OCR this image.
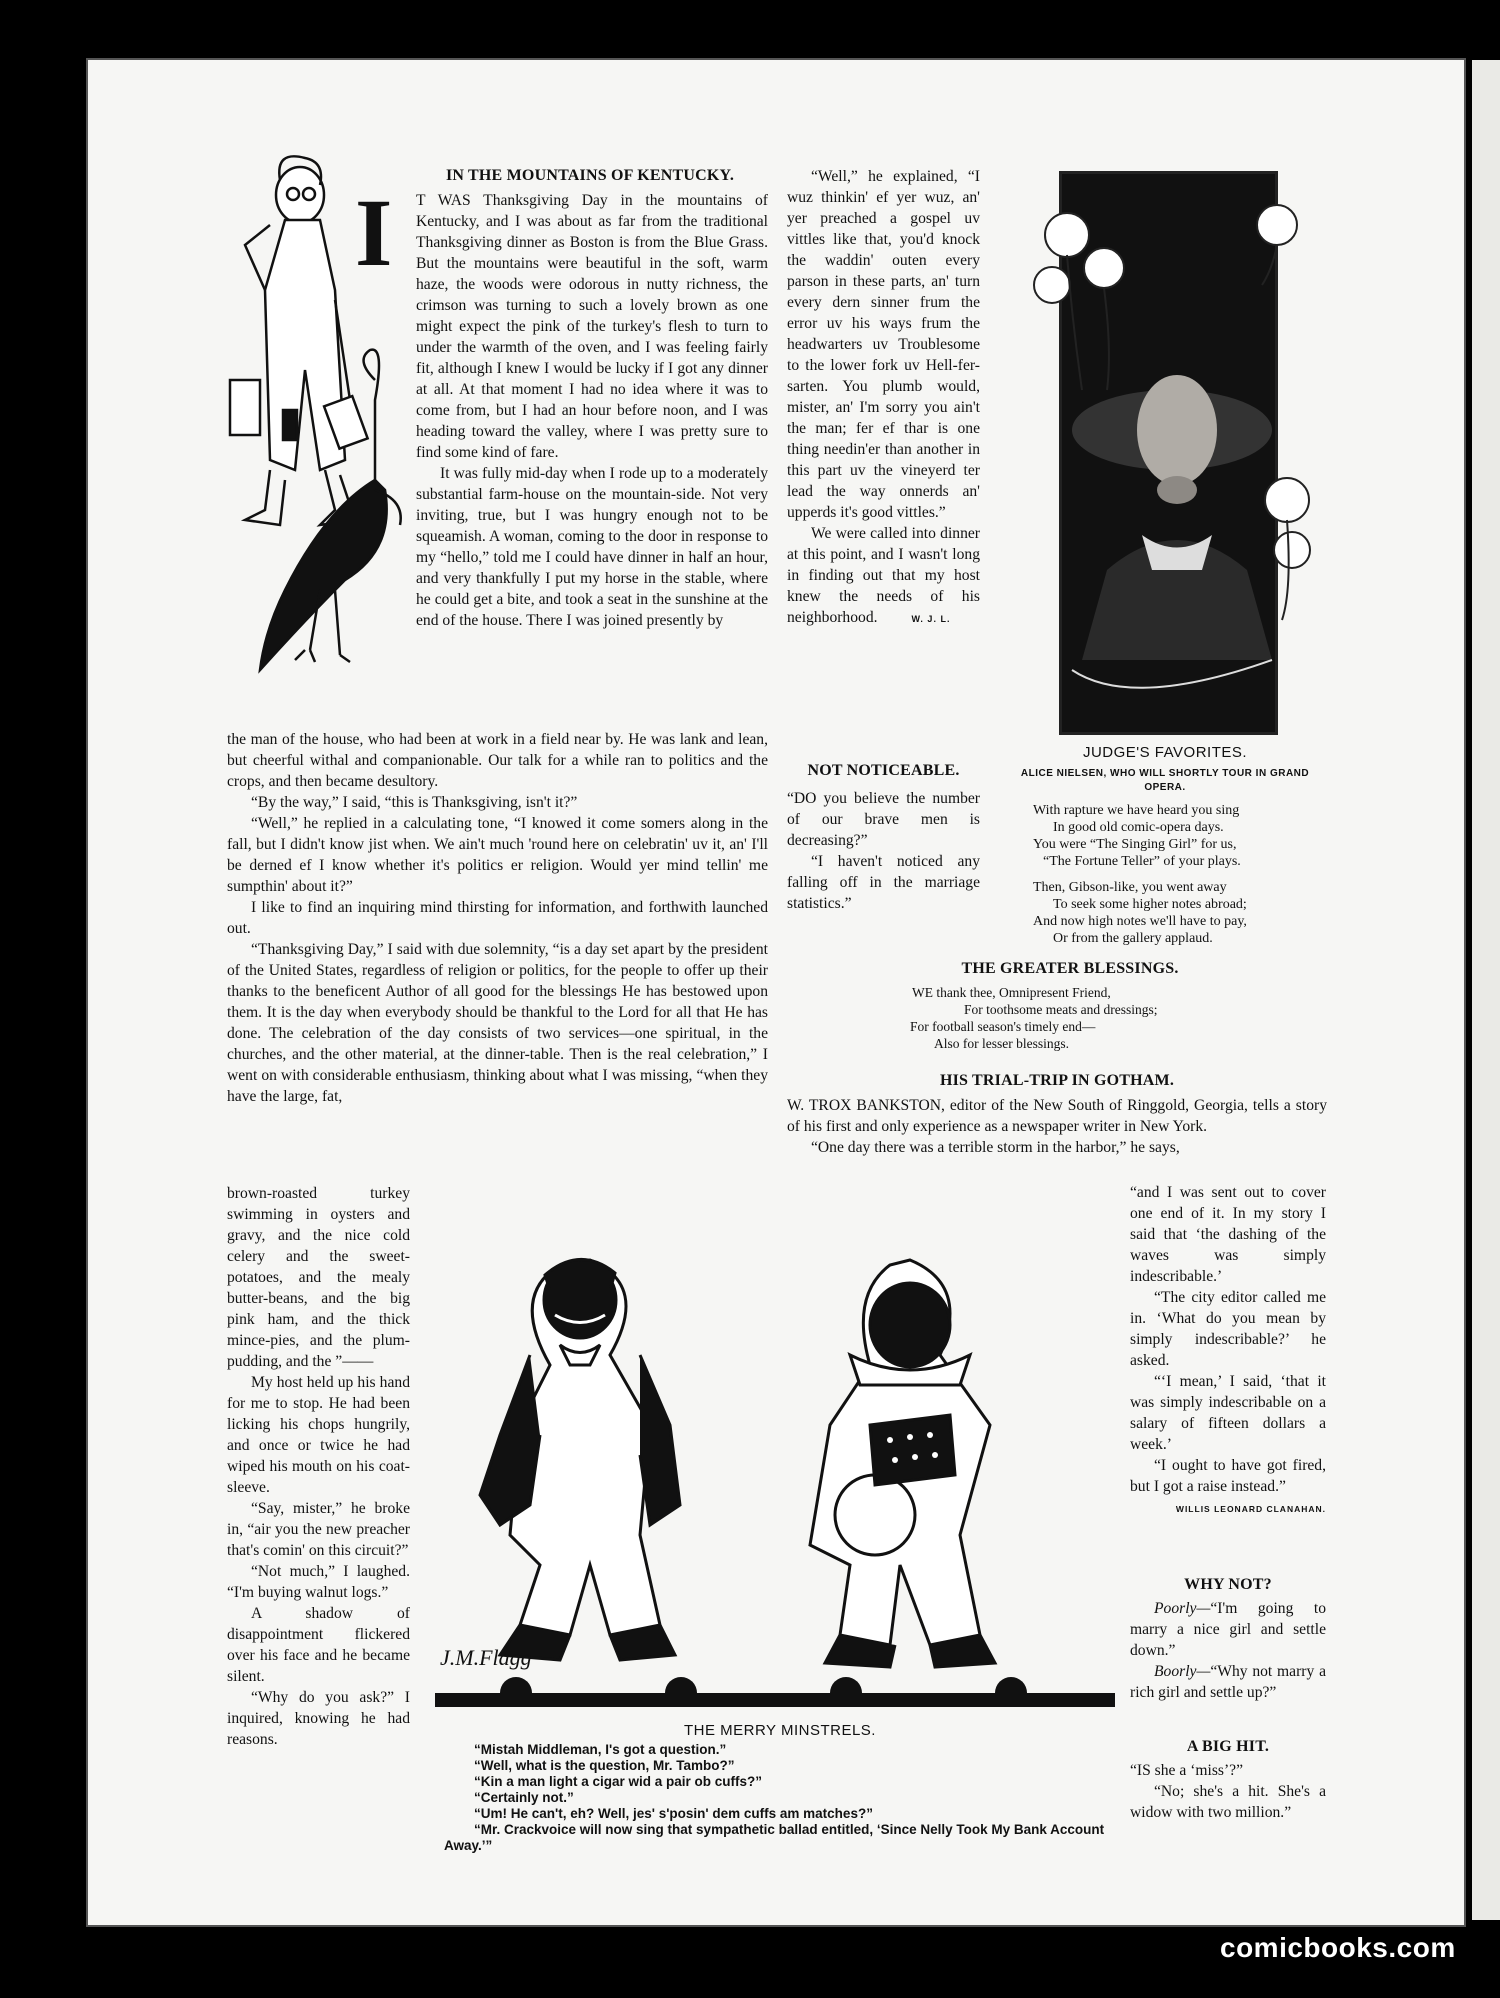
IN THE MOUNTAINS OF KENTUCKY.
I T WAS Thanksgiving Day in the mountains of Kentucky, and I was about as far from the traditional Thanksgiving dinner as Boston is from the Blue Grass. But the mountains were beautiful in the soft, warm haze, the woods were odorous in nutty richness, the crimson was turning to such a lovely brown as one might expect the pink of the turkey's flesh to turn to under the warmth of the oven, and I was feeling fairly fit, although I knew I would be lucky if I got any dinner at all. At that moment I had no idea where it was to come from, but I had an hour before noon, and I was heading toward the valley, where I was pretty sure to find some kind of fare.

It was fully mid-day when I rode up to a moderately substantial farm-house on the mountain-side. Not very inviting, true, but I was hungry enough not to be squeamish. A woman, coming to the door in response to my “hello,” told me I could have dinner in half an hour, and very thankfully I put my horse in the stable, where he could get a bite, and took a seat in the sunshine at the end of the house. There I was joined presently by

the man of the house, who had been at work in a field near by. He was lank and lean, but cheerful withal and companionable. Our talk for a while ran to politics and the crops, and then became desultory.

“By the way,” I said, “this is Thanksgiving, isn't it?”

“Well,” he replied in a calculating tone, “I knowed it come somers along in the fall, but I didn't know jist when. We ain't much 'round here on celebratin' uv it, an' I'll be derned ef I know whether it's politics er religion. Would yer mind tellin' me sumpthin' about it?”

I like to find an inquiring mind thirsting for information, and forthwith launched out.

“Thanksgiving Day,” I said with due solemnity, “is a day set apart by the president of the United States, regardless of religion or politics, for the people to offer up their thanks to the beneficent Author of all good for the blessings He has bestowed upon them. It is the day when everybody should be thankful to the Lord for all that He has done. The celebration of the day consists of two services—one spiritual, in the churches, and the other material, at the dinner-table. Then is the real celebration,” I went on with considerable enthusiasm, thinking about what I was missing, “when they have the large, fat,

brown-roasted turkey swimming in oysters and gravy, and the nice cold celery and the sweet-potatoes, and the mealy butter-beans, and the big pink ham, and the thick mince-pies, and the plum-pudding, and the ”——

My host held up his hand for me to stop. He had been licking his chops hungrily, and once or twice he had wiped his mouth on his coat-sleeve.

“Say, mister,” he broke in, “air you the new preacher that's comin' on this circuit?”

“Not much,” I laughed. “I'm buying walnut logs.”

A shadow of disappointment flickered over his face and he became silent.

“Why do you ask?” I inquired, knowing he had reasons.

“Well,” he explained, “I wuz thinkin' ef yer wuz, an' yer preached a gospel uv vittles like that, you'd knock the waddin' outen every parson in these parts, an' turn every dern sinner frum the error uv his ways frum the headwarters uv Troublesome to the lower fork uv Hell-fer-sarten. You plumb would, mister, an' I'm sorry you ain't the man; fer ef thar is one thing needin'er than another in this part uv the vineyerd ter lead the way onnerds an' upperds it's good vittles.”

We were called into dinner at this point, and I wasn't long in finding out that my host knew the needs of his neighborhood.	W. J. L.

NOT NOTICEABLE.

“DO you believe the number of our brave men is decreasing?”

“I haven't noticed any falling off in the marriage statistics.”

JUDGE'S FAVORITES.
ALICE NIELSEN, WHO WILL SHORTLY TOUR IN GRAND OPERA.
With rapture we have heard you sing
In good old comic-opera days.
You were “The Singing Girl” for us,
“The Fortune Teller” of your plays.
Then, Gibson-like, you went away
To seek some higher notes abroad;
And now high notes we'll have to pay,
Or from the gallery applaud.
THE GREATER BLESSINGS.
WE thank thee, Omnipresent Friend,
For toothsome meats and dressings;
For football season's timely end—
Also for lesser blessings.
HIS TRIAL-TRIP IN GOTHAM.

W. TROX BANKSTON, editor of the New South of Ringgold, Georgia, tells a story of his first and only experience as a newspaper writer in New York.

“One day there was a terrible storm in the harbor,” he says,

“and I was sent out to cover one end of it. In my story I said that ‘the dashing of the waves was simply indescribable.’

“The city editor called me in. ‘What do you mean by simply indescribable?’ he asked.

“‘I mean,’ I said, ‘that it was simply indescribable on a salary of fifteen dollars a week.’

“I ought to have got fired, but I got a raise instead.”

WILLIS LEONARD CLANAHAN.
WHY NOT?

Poorly—“I'm going to marry a nice girl and settle down.”

Boorly—“Why not marry a rich girl and settle up?”

A BIG HIT.

“IS she a ‘miss’?”

“No; she's a hit. She's a widow with two million.”

J.M.Flagg
THE MERRY MINSTRELS.
“Mistah Middleman, I's got a question.”
“Well, what is the question, Mr. Tambo?”
“Kin a man light a cigar wid a pair ob cuffs?”
“Certainly not.”
“Um! He can't, eh? Well, jes' s'posin' dem cuffs am matches?”
“Mr. Crackvoice will now sing that sympathetic ballad entitled, ‘Since Nelly Took My Bank Account Away.’”
comicbooks.com
